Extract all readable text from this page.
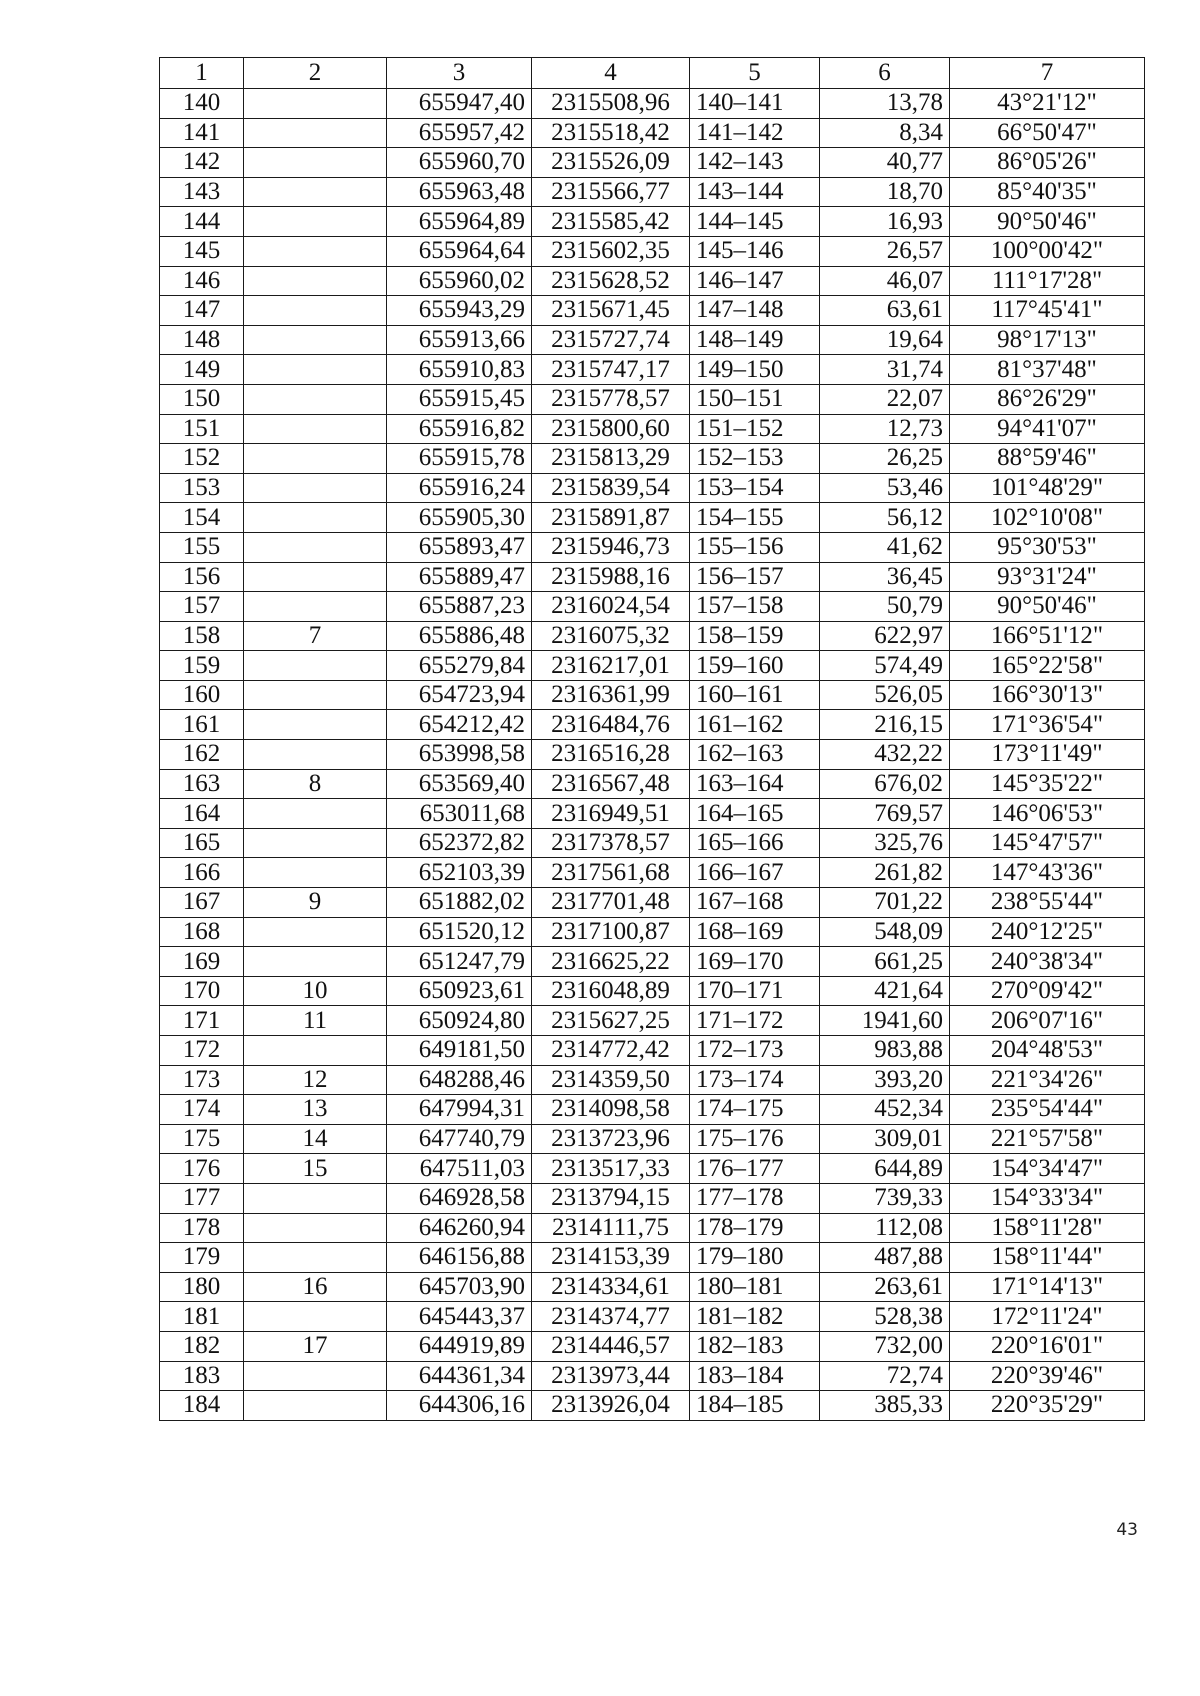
1	2	3	4	5	6	7
140		655947,40	2315508,96	140–141	13,78	43°21'12"
141		655957,42	2315518,42	141–142	8,34	66°50'47"
142		655960,70	2315526,09	142–143	40,77	86°05'26"
143		655963,48	2315566,77	143–144	18,70	85°40'35"
144		655964,89	2315585,42	144–145	16,93	90°50'46"
145		655964,64	2315602,35	145–146	26,57	100°00'42"
146		655960,02	2315628,52	146–147	46,07	111°17'28"
147		655943,29	2315671,45	147–148	63,61	117°45'41"
148		655913,66	2315727,74	148–149	19,64	98°17'13"
149		655910,83	2315747,17	149–150	31,74	81°37'48"
150		655915,45	2315778,57	150–151	22,07	86°26'29"
151		655916,82	2315800,60	151–152	12,73	94°41'07"
152		655915,78	2315813,29	152–153	26,25	88°59'46"
153		655916,24	2315839,54	153–154	53,46	101°48'29"
154		655905,30	2315891,87	154–155	56,12	102°10'08"
155		655893,47	2315946,73	155–156	41,62	95°30'53"
156		655889,47	2315988,16	156–157	36,45	93°31'24"
157		655887,23	2316024,54	157–158	50,79	90°50'46"
158	7	655886,48	2316075,32	158–159	622,97	166°51'12"
159		655279,84	2316217,01	159–160	574,49	165°22'58"
160		654723,94	2316361,99	160–161	526,05	166°30'13"
161		654212,42	2316484,76	161–162	216,15	171°36'54"
162		653998,58	2316516,28	162–163	432,22	173°11'49"
163	8	653569,40	2316567,48	163–164	676,02	145°35'22"
164		653011,68	2316949,51	164–165	769,57	146°06'53"
165		652372,82	2317378,57	165–166	325,76	145°47'57"
166		652103,39	2317561,68	166–167	261,82	147°43'36"
167	9	651882,02	2317701,48	167–168	701,22	238°55'44"
168		651520,12	2317100,87	168–169	548,09	240°12'25"
169		651247,79	2316625,22	169–170	661,25	240°38'34"
170	10	650923,61	2316048,89	170–171	421,64	270°09'42"
171	11	650924,80	2315627,25	171–172	1941,60	206°07'16"
172		649181,50	2314772,42	172–173	983,88	204°48'53"
173	12	648288,46	2314359,50	173–174	393,20	221°34'26"
174	13	647994,31	2314098,58	174–175	452,34	235°54'44"
175	14	647740,79	2313723,96	175–176	309,01	221°57'58"
176	15	647511,03	2313517,33	176–177	644,89	154°34'47"
177		646928,58	2313794,15	177–178	739,33	154°33'34"
178		646260,94	2314111,75	178–179	112,08	158°11'28"
179		646156,88	2314153,39	179–180	487,88	158°11'44"
180	16	645703,90	2314334,61	180–181	263,61	171°14'13"
181		645443,37	2314374,77	181–182	528,38	172°11'24"
182	17	644919,89	2314446,57	182–183	732,00	220°16'01"
183		644361,34	2313973,44	183–184	72,74	220°39'46"
184		644306,16	2313926,04	184–185	385,33	220°35'29"
43
